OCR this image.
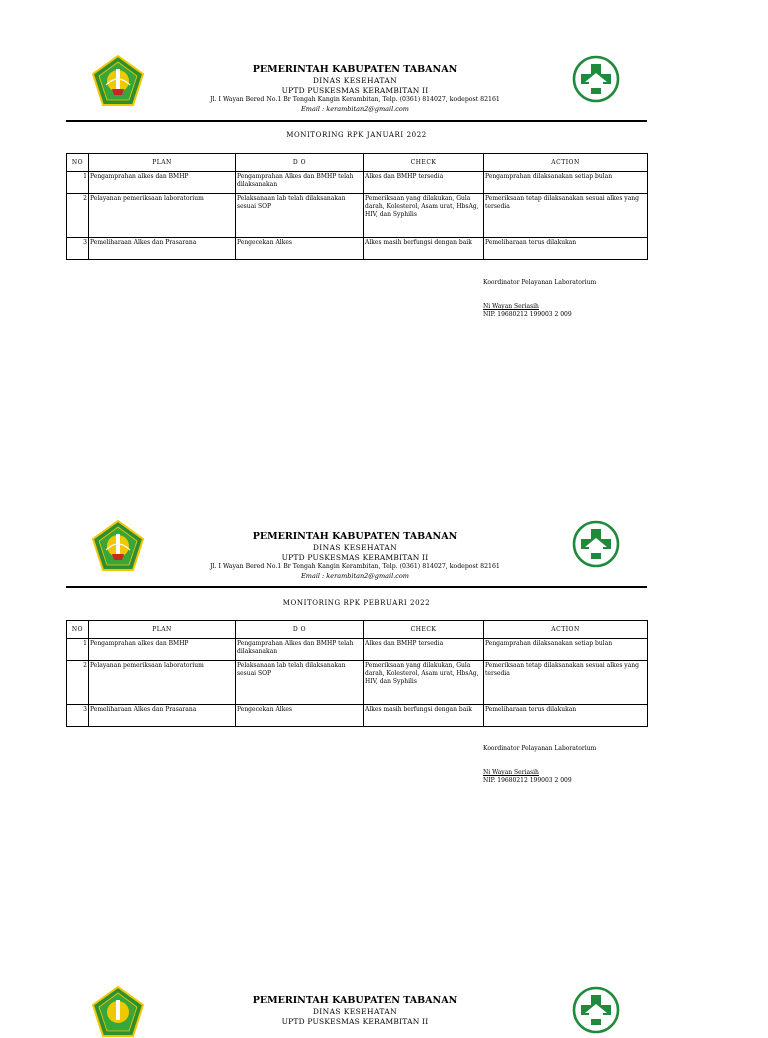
PEMERINTAH KABUPATEN TABANAN
DINAS KESEHATAN
UPTD PUSKESMAS KERAMBITAN II
Jl. I Wayan Bered No.1 Br Tengah Kangin Kerambitan, Telp. (0361) 814027, kodepost 82161
Email : kerambitan2@gmail.com
MONITORING RPK JANUARI 2022
NO	PLAN	D O	CHECK	ACTION
1	Pengamprahan alkes dan BMHP	Pengamprahan Alkes dan BMHP telah dilaksanakan	Alkes dan BMHP tersedia	Pengamprahan dilaksanakan setiap bulan
2	Pelayanan pemeriksaan laboratorium	Pelaksanaan lab telah dilaksanakan sesuai SOP	Pemeriksaan yang dilakukan, Gula darah, Kolesterol, Asam urat, HbsAg, HIV, dan Syphilis	Pemeriksaan tetap dilaksanakan sesuai alkes yang tersedia
3	Pemeliharaan Alkes dan Prasarana	Pengecekan Alkes	Alkes masih berfungsi dengan baik	Pemeliharaan terus dilakukan
Koordinator Pelayanan Laboratorium
Ni Wayan Seriasih
NIP. 19680212 199003 2 009
PEMERINTAH KABUPATEN TABANAN
DINAS KESEHATAN
UPTD PUSKESMAS KERAMBITAN II
Jl. I Wayan Bered No.1 Br Tengah Kangin Kerambitan, Telp. (0361) 814027, kodepost 82161
Email : kerambitan2@gmail.com
MONITORING RPK PEBRUARI 2022
NO	PLAN	D O	CHECK	ACTION
1	Pengamprahan alkes dan BMHP	Pengamprahan Alkes dan BMHP telah dilaksanakan	Alkes dan BMHP tersedia	Pengamprahan dilaksanakan setiap bulan
2	Pelayanan pemeriksaan laboratorium	Pelaksanaan lab telah dilaksanakan sesuai SOP	Pemeriksaan yang dilakukan, Gula darah, Kolesterol, Asam urat, HbsAg, HIV, dan Syphilis	Pemeriksaan tetap dilaksanakan sesuai alkes yang tersedia
3	Pemeliharaan Alkes dan Prasarana	Pengecekan Alkes	Alkes masih berfungsi dengan baik	Pemeliharaan terus dilakukan
Koordinator Pelayanan Laboratorium
Ni Wayan Seriasih
NIP. 19680212 199003 2 009
PEMERINTAH KABUPATEN TABANAN
DINAS KESEHATAN
UPTD PUSKESMAS KERAMBITAN II
